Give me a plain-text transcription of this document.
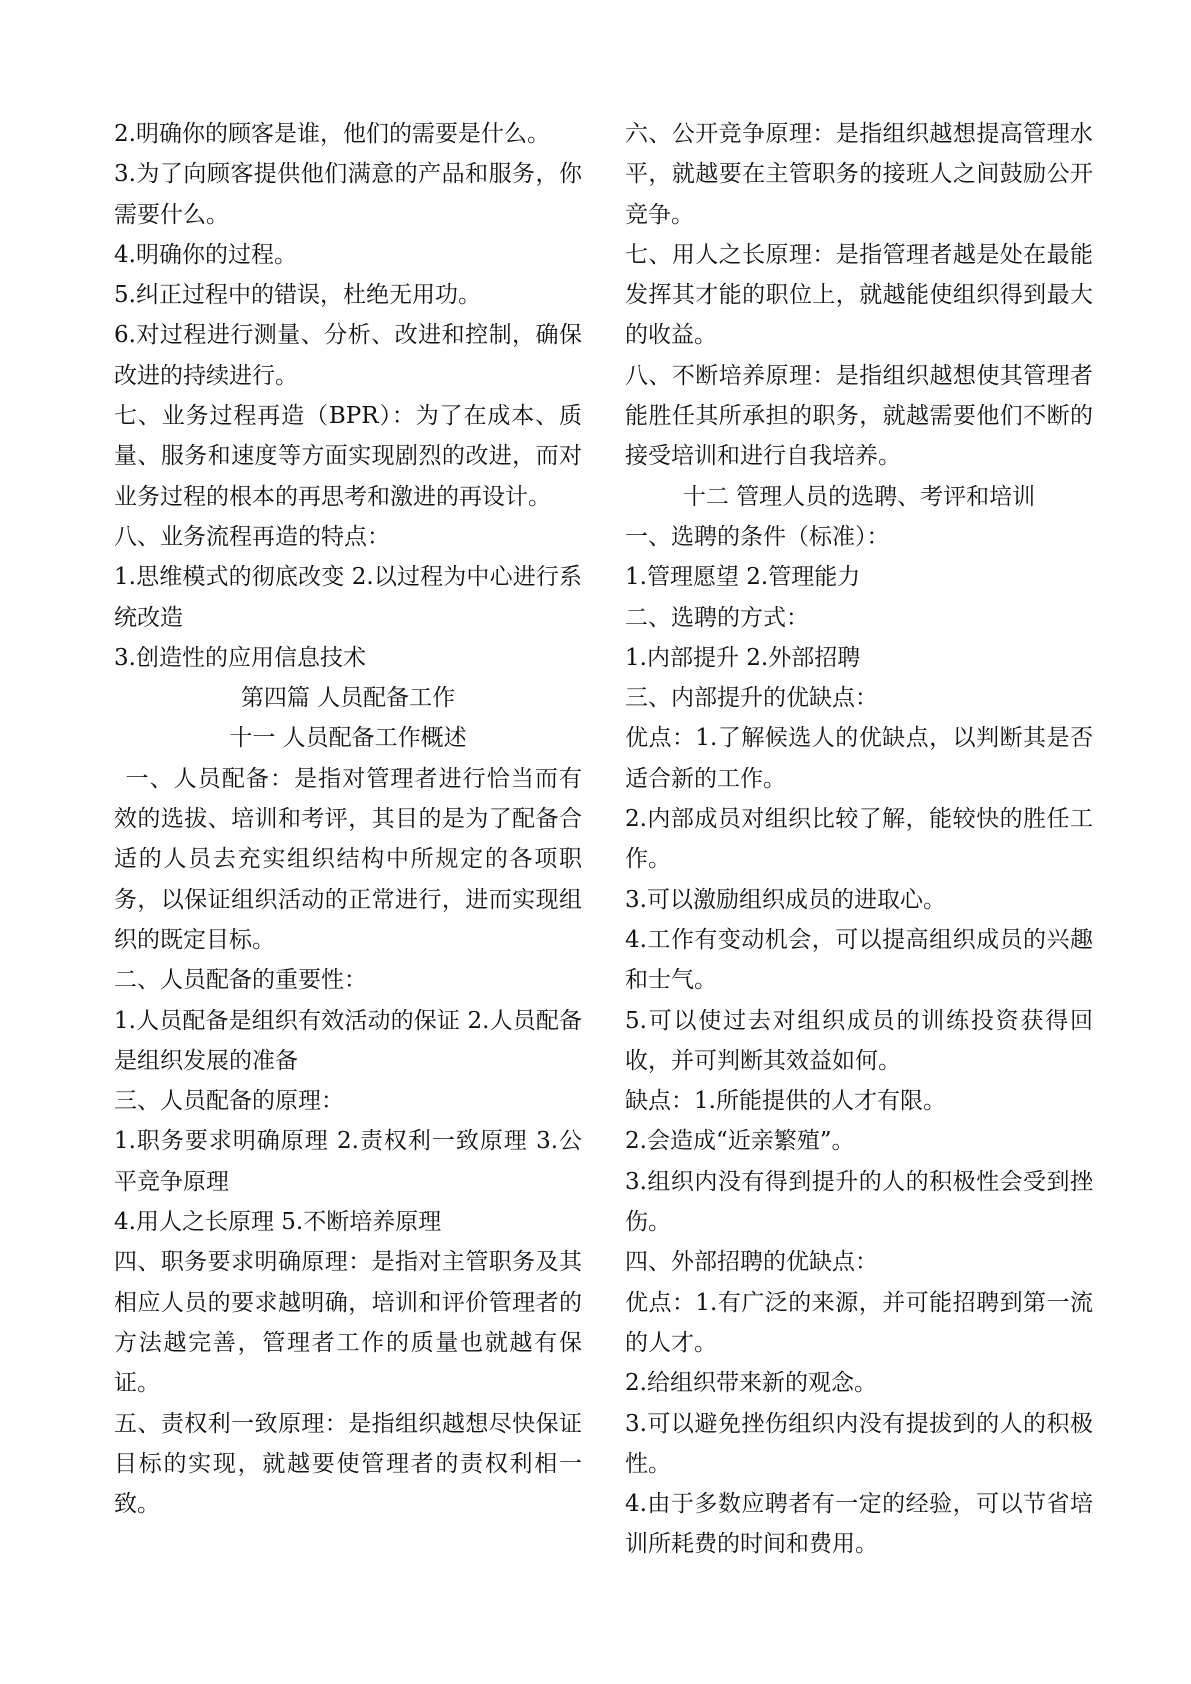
2.明确你的顾客是谁，他们的需要是什么。

3.为了向顾客提供他们满意的产品和服务，你需要什么。

4.明确你的过程。

5.纠正过程中的错误，杜绝无用功。

6.对过程进行测量、分析、改进和控制，确保改进的持续进行。

七、业务过程再造（BPR）：为了在成本、质量、服务和速度等方面实现剧烈的改进，而对业务过程的根本的再思考和激进的再设计。

八、业务流程再造的特点：

1.思维模式的彻底改变 2.以过程为中心进行系统改造

3.创造性的应用信息技术

第四篇 人员配备工作

十一 人员配备工作概述

一、人员配备：是指对管理者进行恰当而有效的选拔、培训和考评，其目的是为了配备合适的人员去充实组织结构中所规定的各项职务，以保证组织活动的正常进行，进而实现组织的既定目标。

二、人员配备的重要性：

1.人员配备是组织有效活动的保证 2.人员配备是组织发展的准备

三、人员配备的原理：

1.职务要求明确原理 2.责权利一致原理 3.公平竞争原理

4.用人之长原理 5.不断培养原理

四、职务要求明确原理：是指对主管职务及其相应人员的要求越明确，培训和评价管理者的方法越完善，管理者工作的质量也就越有保证。

五、责权利一致原理：是指组织越想尽快保证目标的实现，就越要使管理者的责权利相一致。

六、公开竞争原理：是指组织越想提高管理水平，就越要在主管职务的接班人之间鼓励公开竞争。

七、用人之长原理：是指管理者越是处在最能发挥其才能的职位上，就越能使组织得到最大的收益。

八、不断培养原理：是指组织越想使其管理者能胜任其所承担的职务，就越需要他们不断的接受培训和进行自我培养。

十二 管理人员的选聘、考评和培训

一、选聘的条件（标准）：

1.管理愿望 2.管理能力

二、选聘的方式：

1.内部提升 2.外部招聘

三、内部提升的优缺点：

优点：1.了解候选人的优缺点，以判断其是否适合新的工作。

2.内部成员对组织比较了解，能较快的胜任工作。

3.可以激励组织成员的进取心。

4.工作有变动机会，可以提高组织成员的兴趣和士气。

5.可以使过去对组织成员的训练投资获得回收，并可判断其效益如何。

缺点：1.所能提供的人才有限。

2.会造成“近亲繁殖”。

3.组织内没有得到提升的人的积极性会受到挫伤。

四、外部招聘的优缺点：

优点：1.有广泛的来源，并可能招聘到第一流的人才。

2.给组织带来新的观念。

3.可以避免挫伤组织内没有提拔到的人的积极性。

4.由于多数应聘者有一定的经验，可以节省培训所耗费的时间和费用。
